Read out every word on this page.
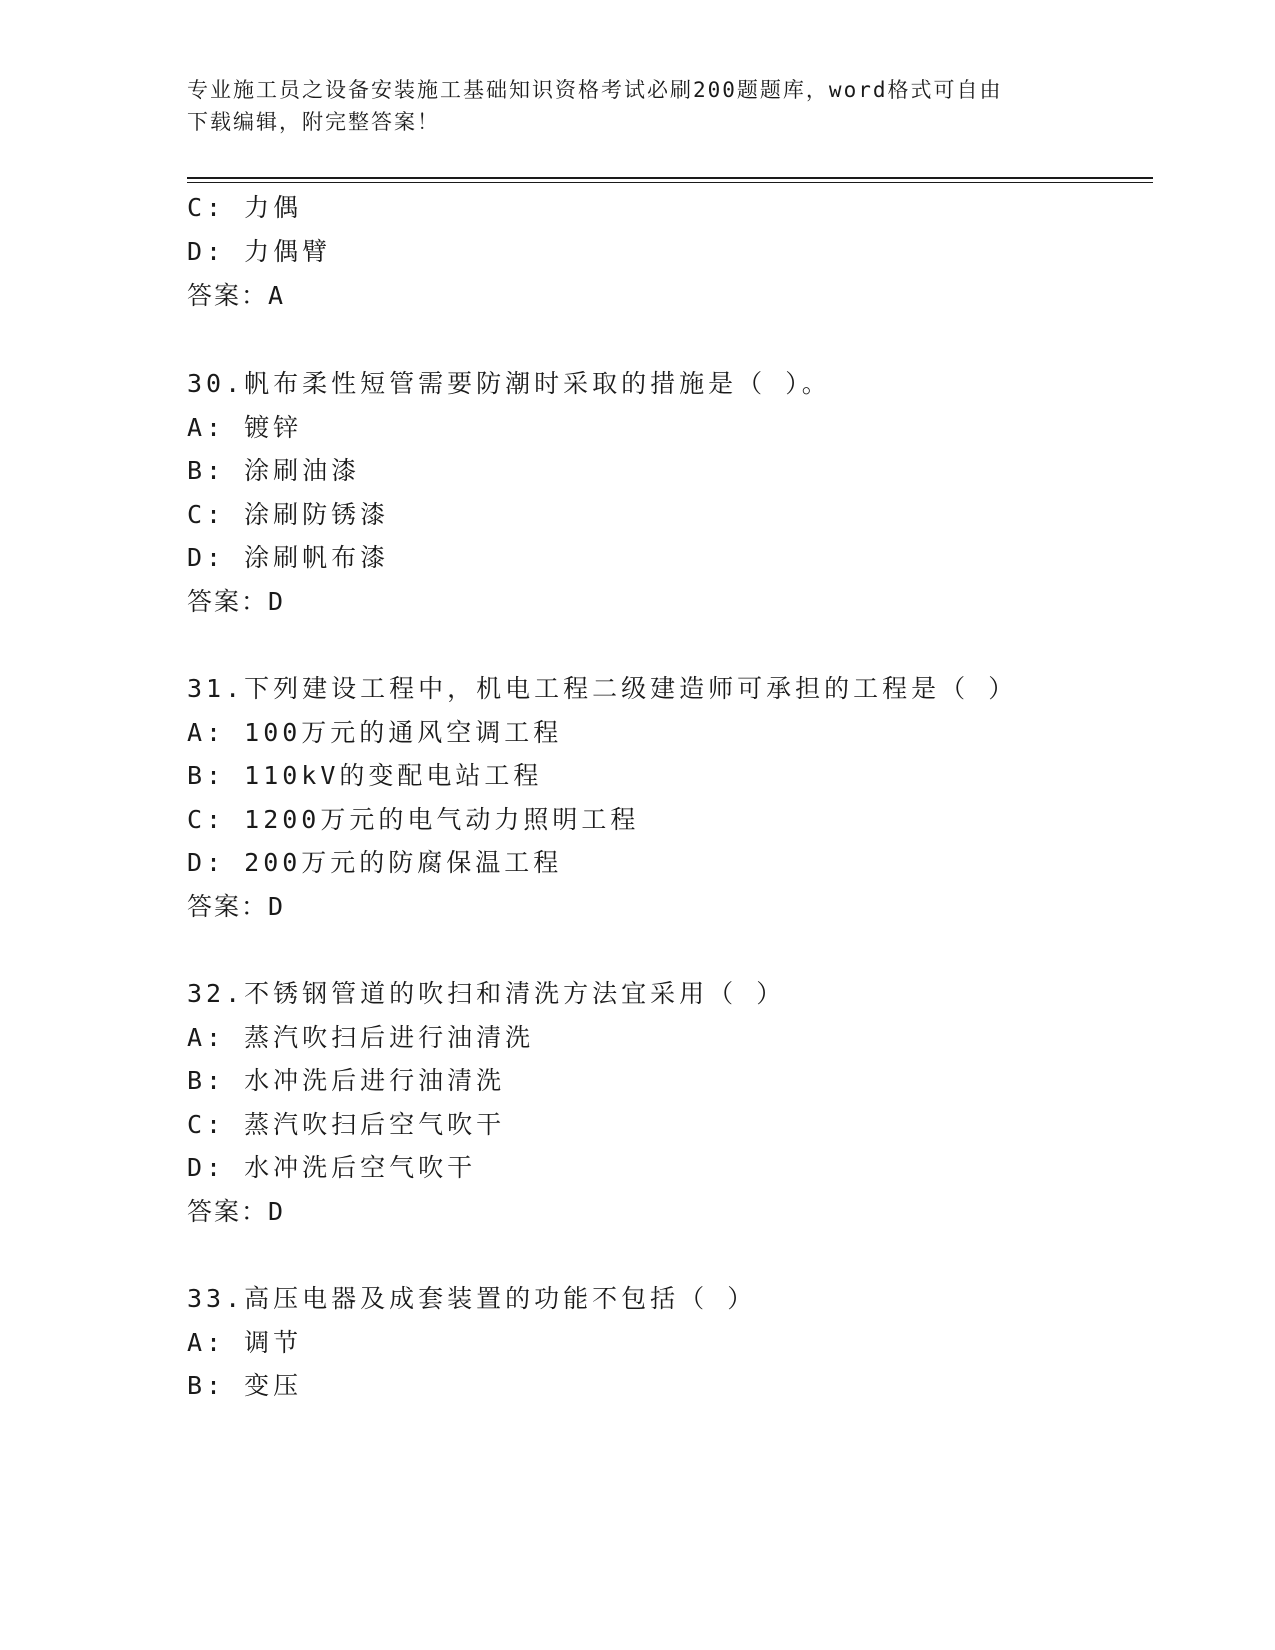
专业施工员之设备安装施工基础知识资格考试必刷200题题库，word格式可自由
下载编辑，附完整答案！
C: 力偶
D: 力偶臂
答案：A
30.帆布柔性短管需要防潮时采取的措施是（ ）。
A: 镀锌
B: 涂刷油漆
C: 涂刷防锈漆
D: 涂刷帆布漆
答案：D
31.下列建设工程中，机电工程二级建造师可承担的工程是（ ）
A: 100万元的通风空调工程
B: 110kV的变配电站工程
C: 1200万元的电气动力照明工程
D: 200万元的防腐保温工程
答案：D
32.不锈钢管道的吹扫和清洗方法宜采用（ ）
A: 蒸汽吹扫后进行油清洗
B: 水冲洗后进行油清洗
C: 蒸汽吹扫后空气吹干
D: 水冲洗后空气吹干
答案：D
33.高压电器及成套装置的功能不包括（ ）
A: 调节
B: 变压
